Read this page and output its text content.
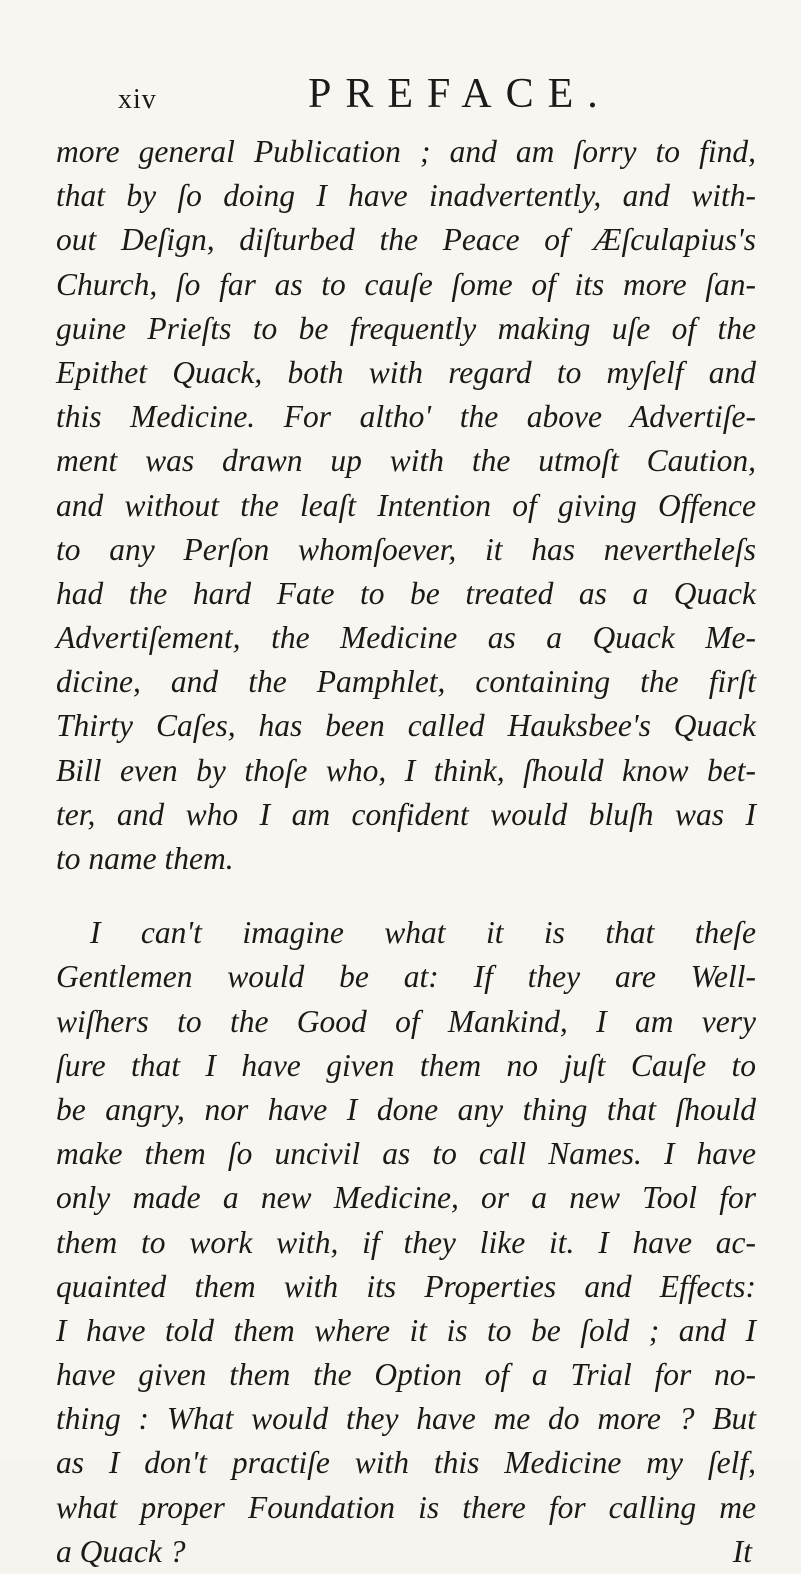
xiv	PREFACE.
more general Publication ; and am ſorry to find,
that by ſo doing I have inadvertently, and with-
out Deſign, diſturbed the Peace of Æſculapius's
Church, ſo far as to cauſe ſome of its more ſan-
guine Prieſts to be frequently making uſe of the
Epithet Quack, both with regard to myſelf and
this Medicine. For altho' the above Advertiſe-
ment was drawn up with the utmoſt Caution,
and without the leaſt Intention of giving Offence
to any Perſon whomſoever, it has nevertheleſs
had the hard Fate to be treated as a Quack
Advertiſement, the Medicine as a Quack Me-
dicine, and the Pamphlet, containing the firſt
Thirty Caſes, has been called Hauksbee's Quack
Bill even by thoſe who, I think, ſhould know bet-
ter, and who I am confident would bluſh was I
to name them.
I can't imagine what it is that theſe
Gentlemen would be at: If they are Well-
wiſhers to the Good of Mankind, I am very
ſure that I have given them no juſt Cauſe to
be angry, nor have I done any thing that ſhould
make them ſo uncivil as to call Names. I have
only made a new Medicine, or a new Tool for
them to work with, if they like it. I have ac-
quainted them with its Properties and Effects:
I have told them where it is to be ſold ; and I
have given them the Option of a Trial for no-
thing : What would they have me do more ? But
as I don't practiſe with this Medicine my ſelf,
what proper Foundation is there for calling me
a Quack ?	It
